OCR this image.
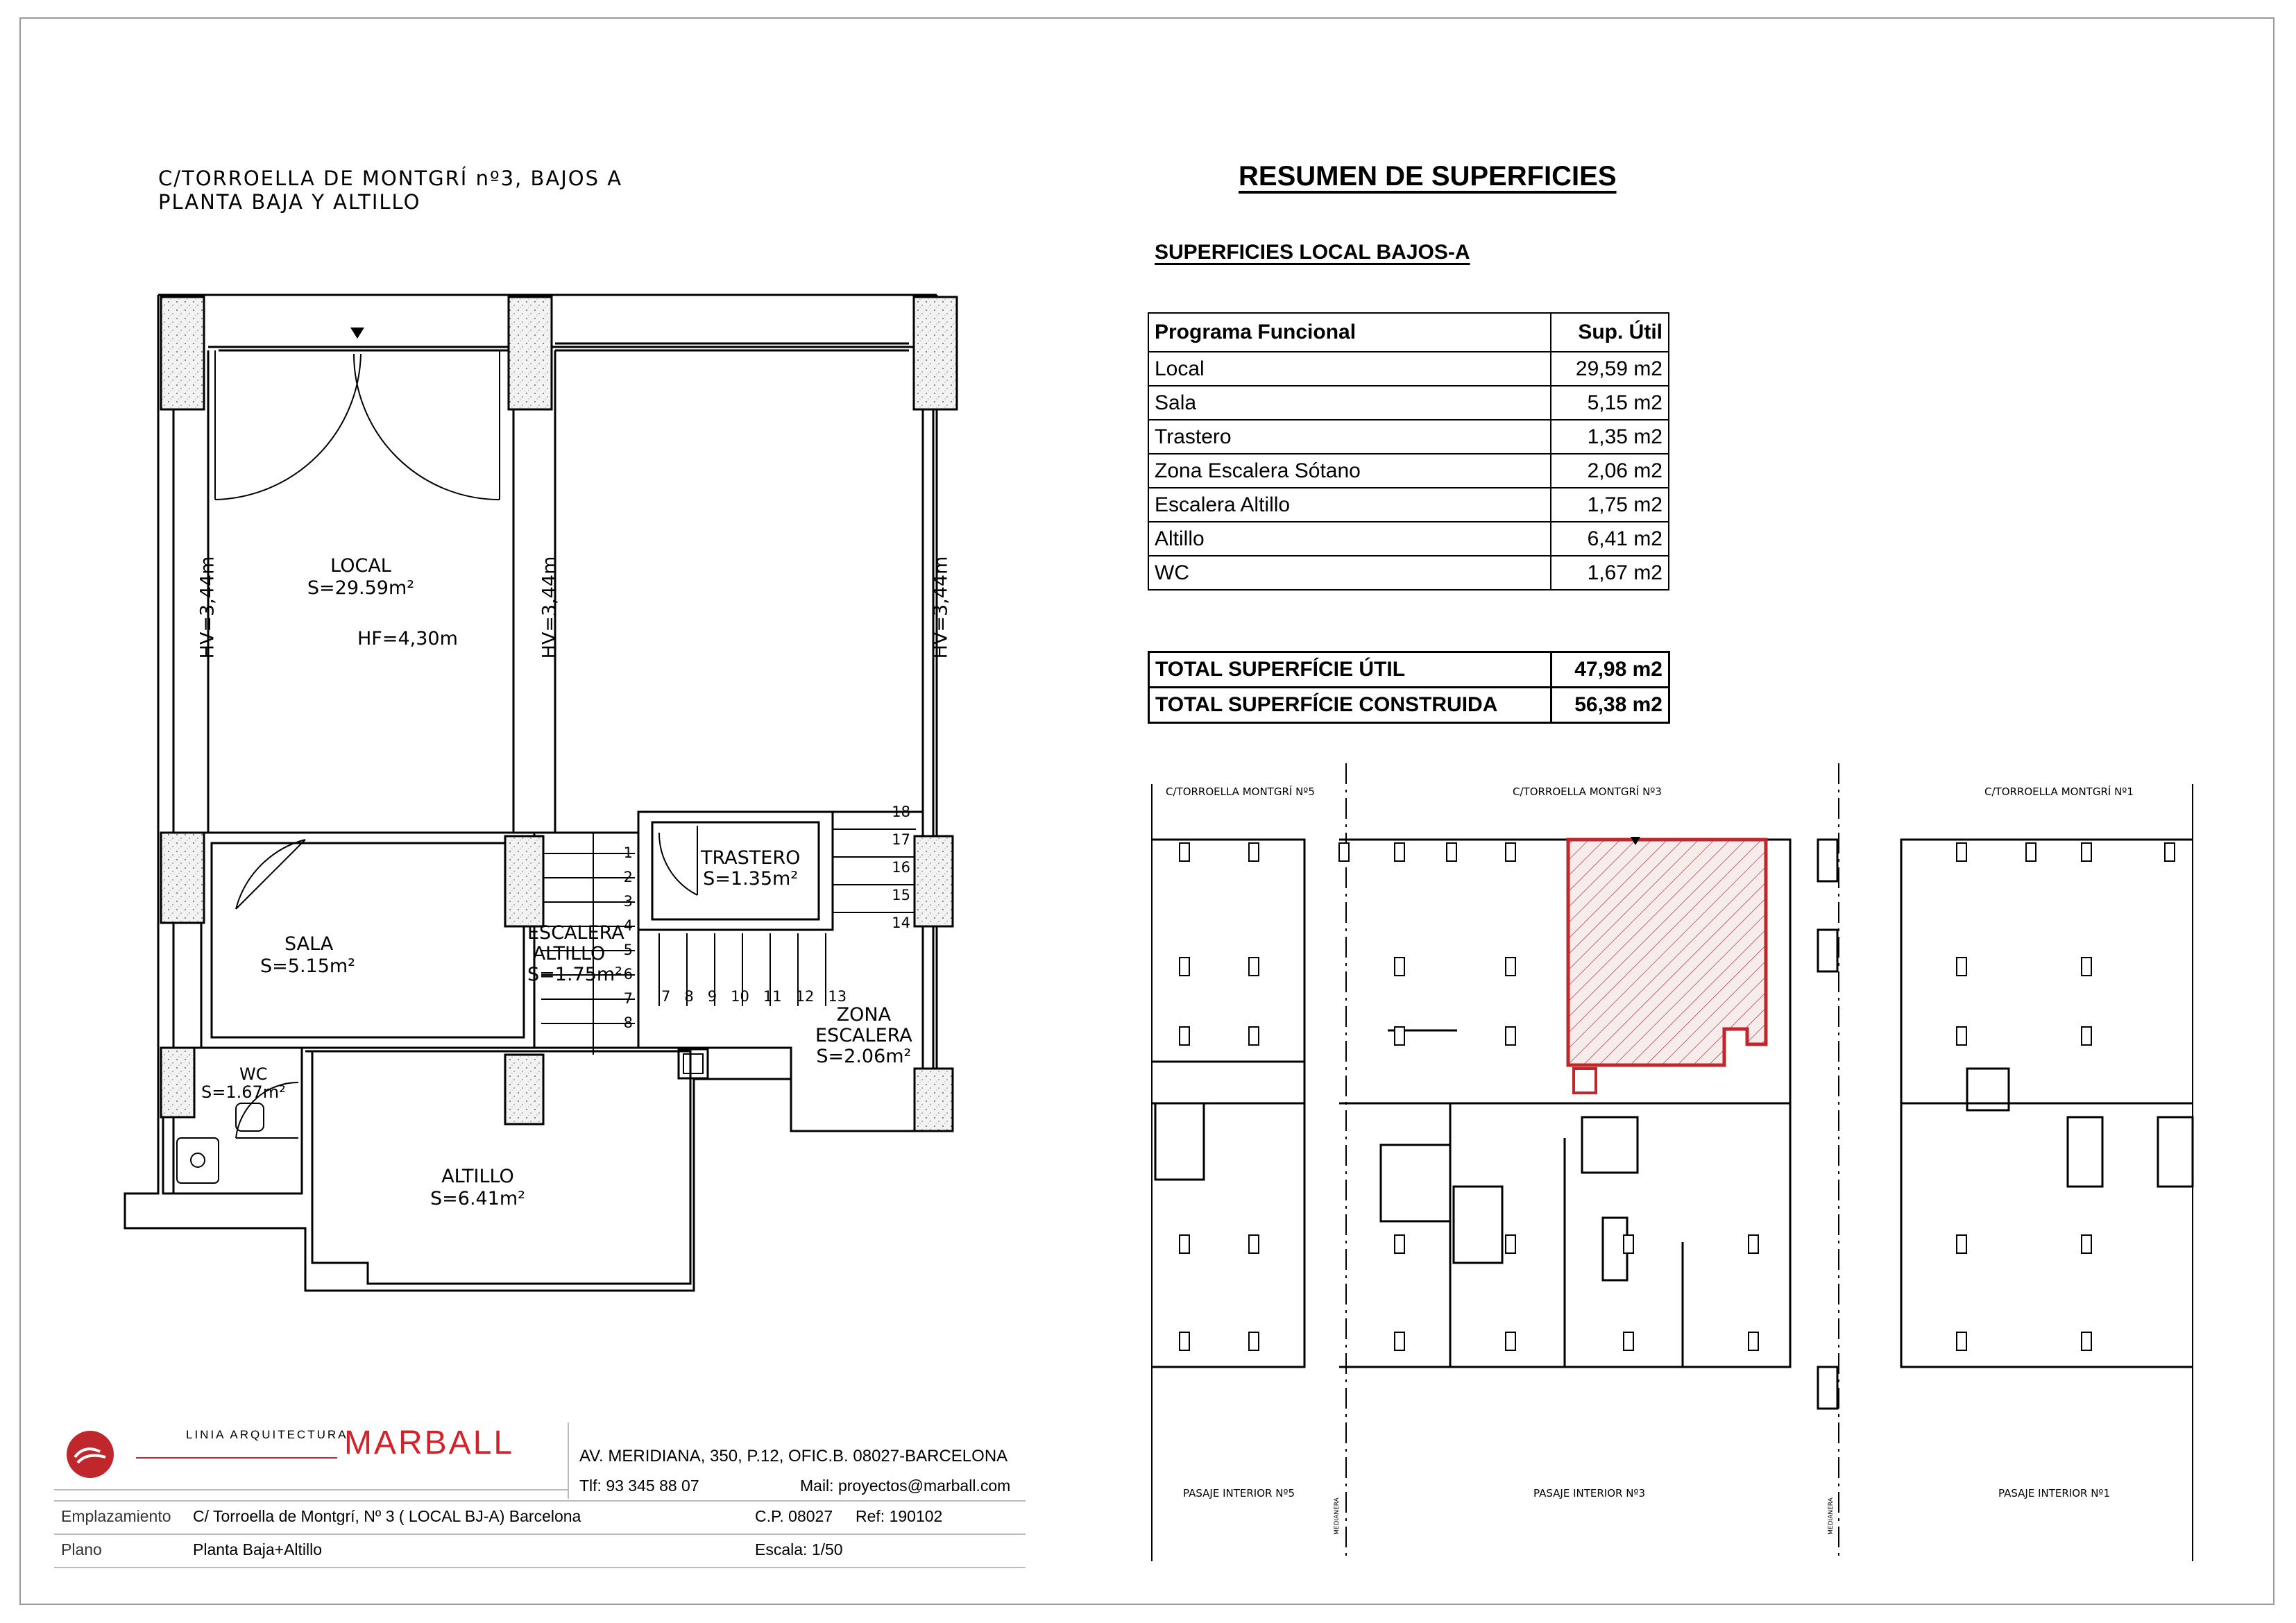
C/TORROELLA DE MONTGRÍ nº3, BAJOS A
PLANTA BAJA Y ALTILLO
LOCAL
S=29.59m²
HF=4,30m
SALA
S=5.15m²
TRASTERO
S=1.35m²
ESCALERA
ALTILLO
S=1.75m²
ZONA
ESCALERA
S=2.06m²
WC
S=1.67m²
ALTILLO
S=6.41m²
HV=3,44m	HV=3,44m	HV=3,44m
1
2
3
4
5
6
7
8
7 8 9 10 11 12 13
18
17
16
15
14
RESUMEN DE SUPERFICIES
SUPERFICIES LOCAL BAJOS-A
Programa Funcional	Sup. Útil
Local	29,59 m2
Sala	5,15 m2
Trastero	1,35 m2
Zona Escalera Sótano	2,06 m2
Escalera Altillo	1,75 m2
Altillo	6,41 m2
WC	1,67 m2
TOTAL SUPERFÍCIE ÚTIL	47,98 m2
TOTAL SUPERFÍCIE CONSTRUIDA	56,38 m2
C/TORROELLA MONTGRÍ Nº5	C/TORROELLA MONTGRÍ Nº3	C/TORROELLA MONTGRÍ Nº1
PASAJE INTERIOR Nº5	PASAJE INTERIOR Nº3	PASAJE INTERIOR Nº1
MEDIANERA	MEDIANERA
LINIA ARQUITECTURA
MARBALL	AV. MERIDIANA, 350, P.12, OFIC.B. 08027-BARCELONA
Tlf: 93 345 88 07	Mail: proyectos@marball.com
Emplazamiento C/ Torroella de Montgrí, Nº 3 ( LOCAL BJ-A) Barcelona	C.P. 08027 Ref: 190102
Plano	Planta Baja+Altillo	Escala: 1/50
